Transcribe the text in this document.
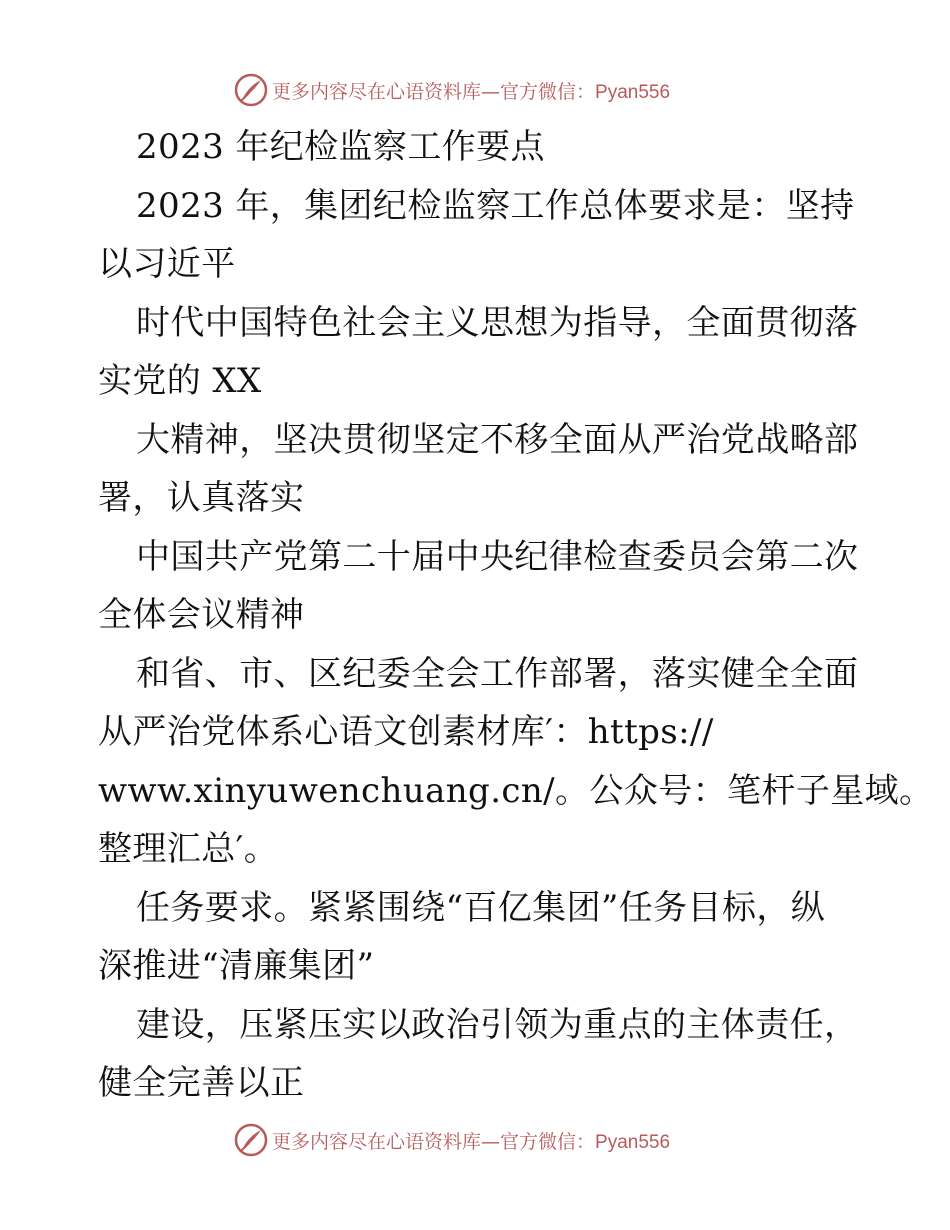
更多内容尽在心语资料库—官方微信：Pyan556
2023 年纪检监察工作要点
2023 年，集团纪检监察工作总体要求是：坚持
以习近平
时代中国特色社会主义思想为指导，全面贯彻落
实党的 XX
大精神，坚决贯彻坚定不移全面从严治党战略部
署，认真落实
中国共产党第二十届中央纪律检查委员会第二次
全体会议精神
和省、市、区纪委全会工作部署，落实健全全面
从严治党体系心语文创素材库′：https://
www.xinyuwenchuang.cn/。公众号：笔杆子星域。
整理汇总′。
任务要求。紧紧围绕“百亿集团”任务目标，纵
深推进“清廉集团”
建设，压紧压实以政治引领为重点的主体责任，
健全完善以正
更多内容尽在心语资料库—官方微信：Pyan556
